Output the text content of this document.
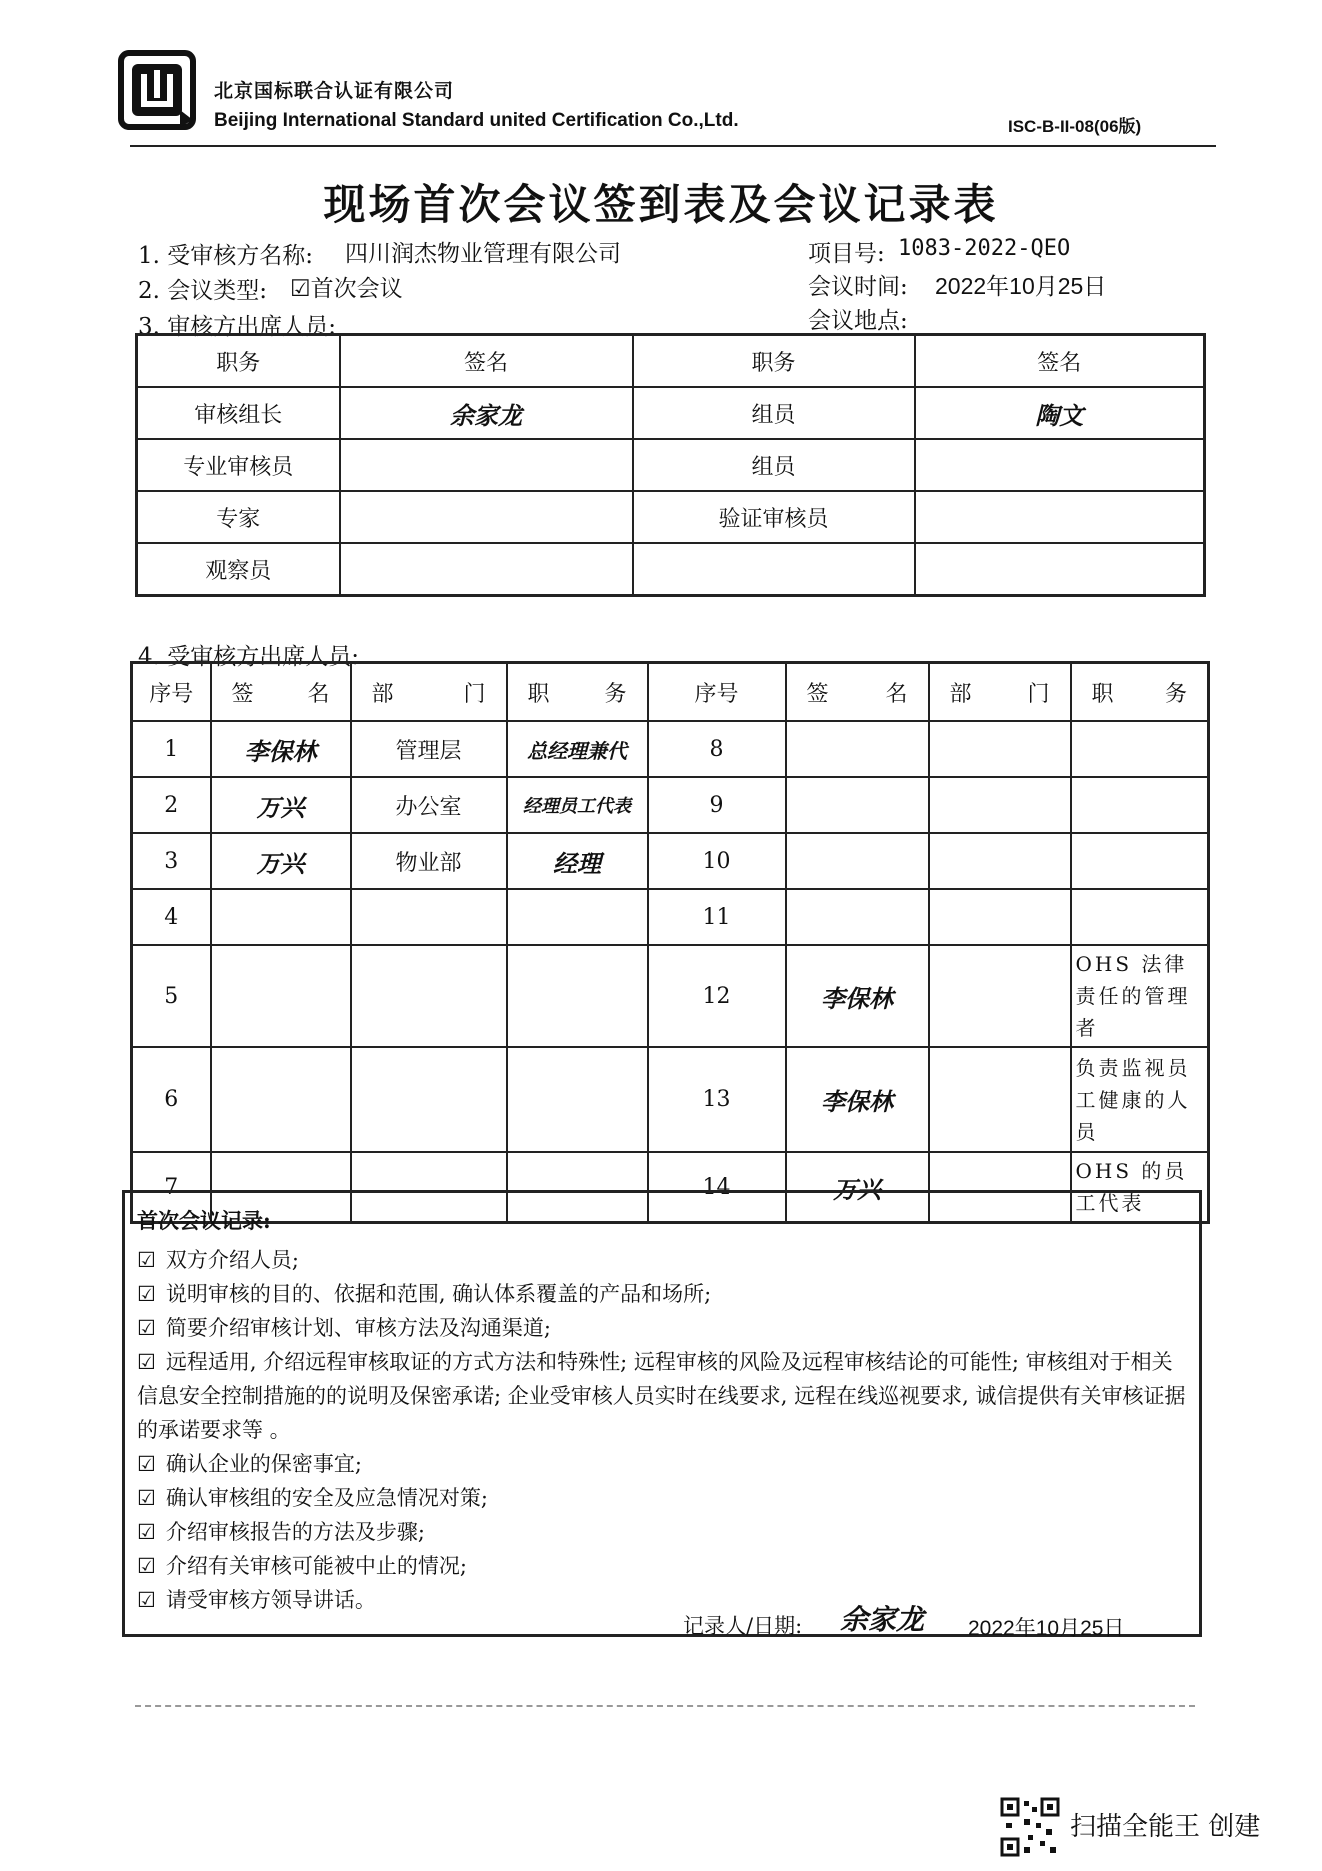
北京国标联合认证有限公司
Beijing International Standard united Certification Co.,Ltd.	ISC-B-II-08(06版)
现场首次会议签到表及会议记录表
1. 受审核方名称: 四川润杰物业管理有限公司	项目号: 1083-2022-QEO
2. 会议类型: ☑首次会议	会议时间: 2022年10月25日
3. 审核方出席人员:	会议地点:
职务	签名	职务	签名
审核组长	余家龙	组员	陶文
专业审核员		组员	
专家		验证审核员	
观察员			
4. 受审核方出席人员:
序号	签 名	部 门	职 务	序号	签 名	部 门	职 务

1	李保林	管理层	总经理兼代	8			
2	万兴	办公室	经理员工代表	9			
3	万兴	物业部	经理	10			
4				11			
5				12	李保林		OHS 法律责任的管理者
6				13	李保林		负责监视员工健康的人员
7				14	万兴		OHS 的员工代表
首次会议记录:
☑ 双方介绍人员;
☑ 说明审核的目的、依据和范围, 确认体系覆盖的产品和场所;
☑ 简要介绍审核计划、审核方法及沟通渠道;
☑ 远程适用, 介绍远程审核取证的方式方法和特殊性; 远程审核的风险及远程审核结论的可能性; 审核组对于相关信息安全控制措施的的说明及保密承诺; 企业受审核人员实时在线要求, 远程在线巡视要求, 诚信提供有关审核证据的承诺要求等 。
☑ 确认企业的保密事宜;
☑ 确认审核组的安全及应急情况对策;
☑ 介绍审核报告的方法及步骤;
☑ 介绍有关审核可能被中止的情况;
☑ 请受审核方领导讲话。
记录人/日期: 余家龙 2022年10月25日
扫描全能王 创建
